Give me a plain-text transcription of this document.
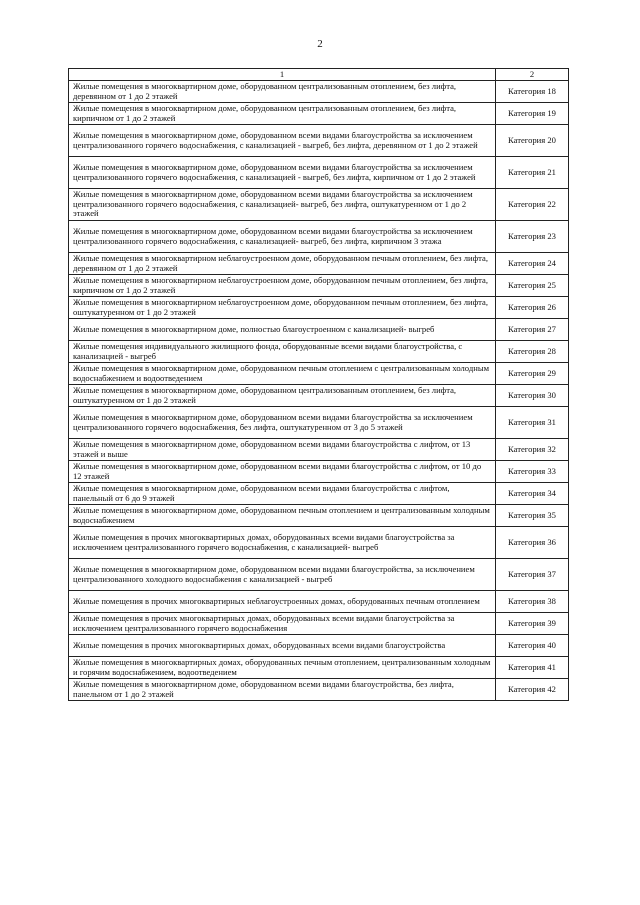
2
1	2
Жилые помещения в многоквартирном доме, оборудованном централизованным отоплением, без лифта, деревянном от 1 до 2 этажей	Категория 18
Жилые помещения в многоквартирном доме, оборудованном централизованным отоплением, без лифта, кирпичном от 1 до 2 этажей	Категория 19
Жилые помещения в многоквартирном доме, оборудованном всеми видами благоустройства за исключением централизованного горячего водоснабжения, с канализацией - выгреб, без лифта, деревянном от 1 до 2 этажей	Категория 20
Жилые помещения в многоквартирном доме, оборудованном всеми видами благоустройства за исключением централизованного горячего водоснабжения, с канализацией - выгреб, без лифта, кирпичном от 1 до 2 этажей	Категория 21
Жилые помещения в многоквартирном доме, оборудованном всеми видами благоустройства за исключением централизованного горячего водоснабжения, с канализацией- выгреб, без лифта, оштукатуренном от 1 до 2 этажей	Категория 22
Жилые помещения в многоквартирном доме, оборудованном всеми видами благоустройства за исключением централизованного горячего водоснабжения, с канализацией- выгреб, без лифта, кирпичном 3 этажа	Категория 23
Жилые помещения в многоквартирном неблагоустроенном доме, оборудованном печным отоплением, без лифта, деревянном от 1 до 2 этажей	Категория 24
Жилые помещения в многоквартирном неблагоустроенном доме, оборудованном печным отоплением, без лифта, кирпичном от 1 до 2 этажей	Категория 25
Жилые помещения в многоквартирном неблагоустроенном доме, оборудованном печным отоплением, без лифта, оштукатуренном от 1 до 2 этажей	Категория 26
Жилые помещения в многоквартирном доме, полностью благоустроенном с канализацией- выгреб	Категория 27
Жилые помещения индивидуального жилищного фонда, оборудованные всеми видами благоустройства, с канализацией - выгреб	Категория 28
Жилые помещения в многоквартирном доме, оборудованном печным отоплением с централизованным холодным водоснабжением и водоотведением	Категория 29
Жилые помещения в многоквартирном доме, оборудованном централизованным отоплением, без лифта, оштукатуренном от 1 до 2 этажей	Категория 30
Жилые помещения в многоквартирном доме, оборудованном всеми видами благоустройства за исключением централизованного горячего водоснабжения, без лифта, оштукатуренном от 3 до 5 этажей	Категория 31
Жилые помещения в многоквартирном доме, оборудованном всеми видами благоустройства с лифтом, от 13 этажей и выше	Категория 32
Жилые помещения в многоквартирном доме, оборудованном всеми видами благоустройства с лифтом, от 10 до 12 этажей	Категория 33
Жилые помещения в многоквартирном доме, оборудованном всеми видами благоустройства с лифтом, панельный от 6 до 9 этажей	Категория 34
Жилые помещения в многоквартирном доме, оборудованном печным отоплением и централизованным холодным водоснабжением	Категория 35
Жилые помещения в прочих многоквартирных домах, оборудованных всеми видами благоустройства за исключением централизованного горячего водоснабжения, с канализацией- выгреб	Категория 36
Жилые помещения в многоквартирном доме, оборудованном всеми видами благоустройства, за исключением централизованного холодного водоснабжения с канализацией - выгреб	Категория 37
Жилые помещения в прочих многоквартирных неблагоустроенных домах, оборудованных печным отоплением	Категория 38
Жилые помещения в прочих многоквартирных домах, оборудованных всеми видами благоустройства за исключением централизованного горячего водоснабжения	Категория 39
Жилые помещения в прочих многоквартирных домах, оборудованных всеми видами благоустройства	Категория 40
Жилые помещения в многоквартирных домах, оборудованных печным отоплением, централизованным холодным и горячим водоснабжением, водоотведением	Категория 41
Жилые помещения в многоквартирном доме, оборудованном всеми видами благоустройства, без лифта, панельном от 1 до 2 этажей	Категория 42
